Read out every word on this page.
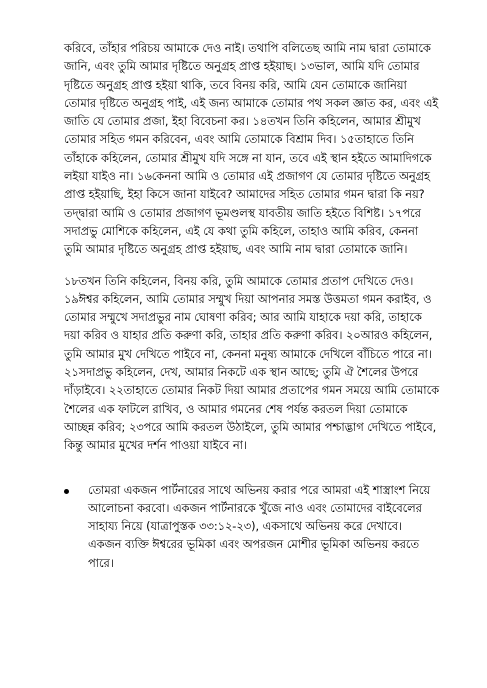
করিবে, তাঁহার পরিচয় আমাকে দেও নাই। তথাপি বলিতেছ আমি নাম দ্বারা তোমাকে জানি, এবং তুমি আমার দৃষ্টিতে অনুগ্রহ প্রাপ্ত হইয়াছ। ১৩ভাল, আমি যদি তোমার দৃষ্টিতে অনুগ্রহ প্রাপ্ত হইয়া থাকি, তবে বিনয় করি, আমি যেন তোমাকে জানিয়া তোমার দৃষ্টিতে অনুগ্রহ পাই, এই জন্য আমাকে তোমার পথ সকল জ্ঞাত কর, এবং এই জাতি যে তোমার প্রজা, ইহা বিবেচনা কর। ১৪তখন তিনি কহিলেন, আমার শ্রীমুখ তোমার সহিত গমন করিবেন, এবং আমি তোমাকে বিশ্রাম দিব। ১৫তাহাতে তিনি তাঁহাকে কহিলেন, তোমার শ্রীমুখ যদি সঙ্গে না যান, তবে এই স্থান হইতে আমাদিগকে লইয়া যাইও না। ১৬কেননা আমি ও তোমার এই প্রজাগণ যে তোমার দৃষ্টিতে অনুগ্রহ প্রাপ্ত হইয়াছি, ইহা কিসে জানা যাইবে? আমাদের সহিত তোমার গমন দ্বারা কি নয়? তদ্দ্বারা আমি ও তোমার প্রজাগণ ভূমণ্ডলস্থ যাবতীয় জাতি হইতে বিশিষ্ট। ১৭পরে সদাপ্রভু মোশিকে কহিলেন, এই যে কথা তুমি কহিলে, তাহাও আমি করিব, কেননা তুমি আমার দৃষ্টিতে অনুগ্রহ প্রাপ্ত হইয়াছ, এবং আমি নাম দ্বারা তোমাকে জানি।

১৮তখন তিনি কহিলেন, বিনয় করি, তুমি আমাকে তোমার প্রতাপ দেখিতে দেও। ১৯ঈশ্বর কহিলেন, আমি তোমার সম্মুখ দিয়া আপনার সমস্ত উত্তমতা গমন করাইব, ও তোমার সম্মুখে সদাপ্রভুর নাম ঘোষণা করিব; আর আমি যাহাকে দয়া করি, তাহাকে দয়া করিব ও যাহার প্রতি করুণা করি, তাহার প্রতি করুণা করিব। ২০আরও কহিলেন, তুমি আমার মুখ দেখিতে পাইবে না, কেননা মনুষ্য আমাকে দেখিলে বাঁচিতে পারে না। ২১সদাপ্রভু কহিলেন, দেখ, আমার নিকটে এক স্থান আছে; তুমি ঐ শৈলের উপরে দাঁড়াইবে। ২২তাহাতে তোমার নিকট দিয়া আমার প্রতাপের গমন সময়ে আমি তোমাকে শৈলের এক ফাটলে রাখিব, ও আমার গমনের শেষ পর্যন্ত করতল দিয়া তোমাকে আচ্ছন্ন করিব; ২৩পরে আমি করতল উঠাইলে, তুমি আমার পশ্চাদ্ভাগ দেখিতে পাইবে, কিন্তু আমার মুখের দর্শন পাওয়া যাইবে না।

তোমরা একজন পার্টনারের সাথে অভিনয় করার পরে আমরা এই শাস্ত্রাংশ নিয়ে আলোচনা করবো। একজন পার্টনারকে খুঁজে নাও এবং তোমাদের বাইবেলের সাহায্য নিয়ে (যাত্রাপুস্তক ৩৩:১২-২৩), একসাথে অভিনয় করে দেখাবে। একজন ব্যক্তি ঈশ্বরের ভূমিকা এবং অপরজন মোশীর ভূমিকা অভিনয় করতে পারে।
